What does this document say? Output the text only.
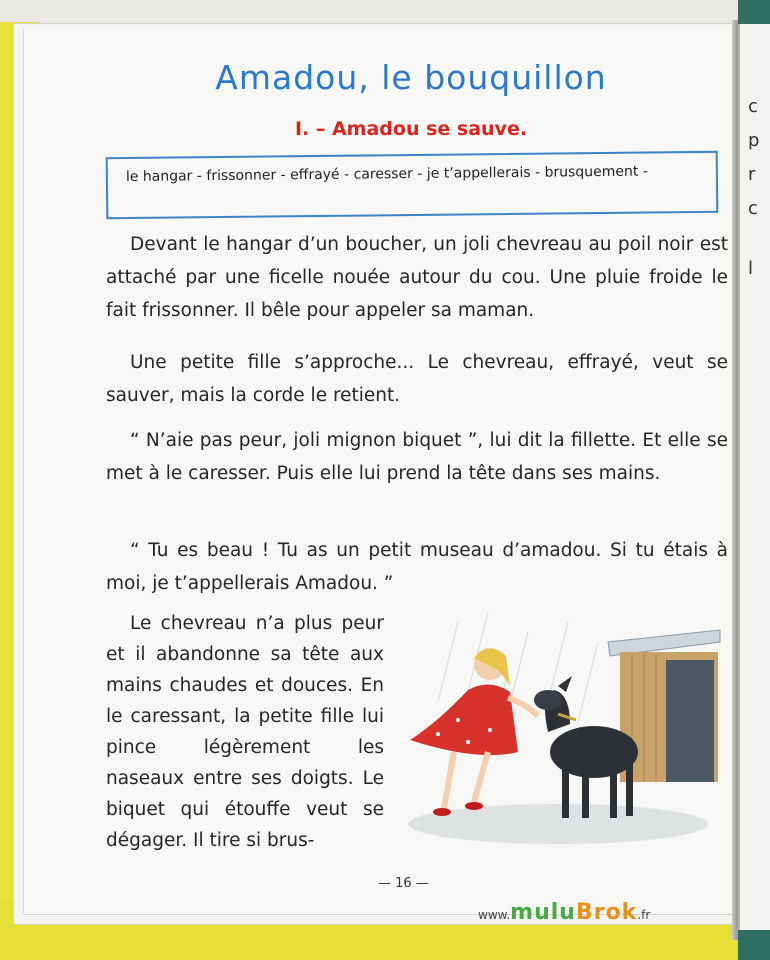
c
p
r
c
l
Amadou, le bouquillon
I. – Amadou se sauve.
le hangar - frissonner - effrayé - caresser - je t’appellerais - brusquement -
Devant le hangar d’un boucher, un joli chevreau au poil noir est attaché par une ficelle nouée autour du cou. Une pluie froide le fait frissonner. Il bêle pour appeler sa maman.
Une petite fille s’approche... Le chevreau, effrayé, veut se sauver, mais la corde le retient.
“ N’aie pas peur, joli mignon biquet ”, lui dit la fillette. Et elle se met à le caresser. Puis elle lui prend la tête dans ses mains.
“ Tu es beau ! Tu as un petit museau d’amadou. Si tu étais à moi, je t’appellerais Amadou. ”
Le chevreau n’a plus peur et il abandonne sa tête aux mains chaudes et douces. En le caressant, la petite fille lui pince légèrement les naseaux entre ses doigts. Le biquet qui étouffe veut se dégager. Il tire si brus-
— 16 —
www.muluBrok.fr
